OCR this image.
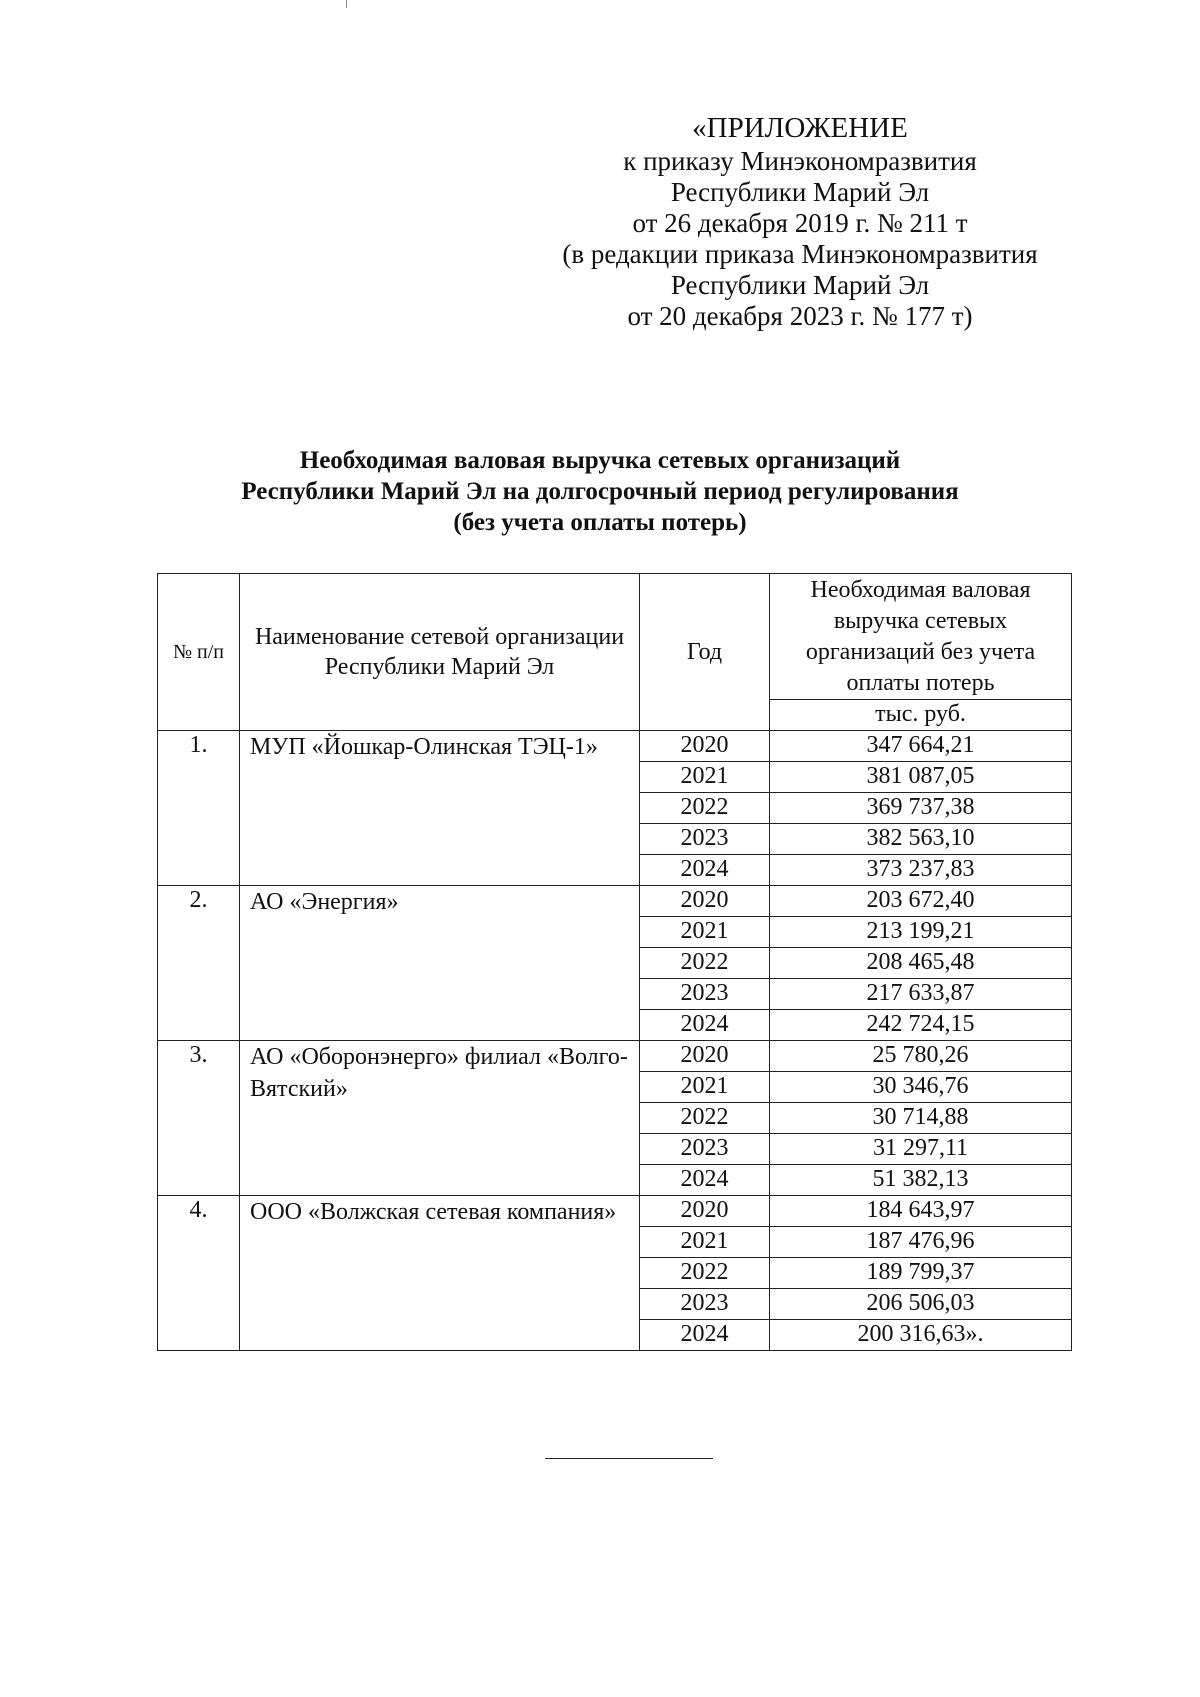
«ПРИЛОЖЕНИЕ
к приказу Минэкономразвития
Республики Марий Эл
от 26 декабря 2019 г. № 211 т
(в редакции приказа Минэкономразвития
Республики Марий Эл
от 20 декабря 2023 г. № 177 т)
Необходимая валовая выручка сетевых организаций
Республики Марий Эл на долгосрочный период регулирования
(без учета оплаты потерь)
№ п/п	Наименование сетевой организации Республики Марий Эл	Год	Необходимая валовая выручка сетевых организаций без учета оплаты потерь
			тыс. руб.
1.	МУП «Йошкар-Олинская ТЭЦ-1»	2020	347 664,21
		2021	381 087,05
		2022	369 737,38
		2023	382 563,10
		2024	373 237,83
2.	АО «Энергия»	2020	203 672,40
		2021	213 199,21
		2022	208 465,48
		2023	217 633,87
		2024	242 724,15
3.	АО «Оборонэнерго» филиал «Волго-Вятский»	2020	25 780,26
		2021	30 346,76
		2022	30 714,88
		2023	31 297,11
		2024	51 382,13
4.	ООО «Волжская сетевая компания»	2020	184 643,97
		2021	187 476,96
		2022	189 799,37
		2023	206 506,03
		2024	200 316,63».
